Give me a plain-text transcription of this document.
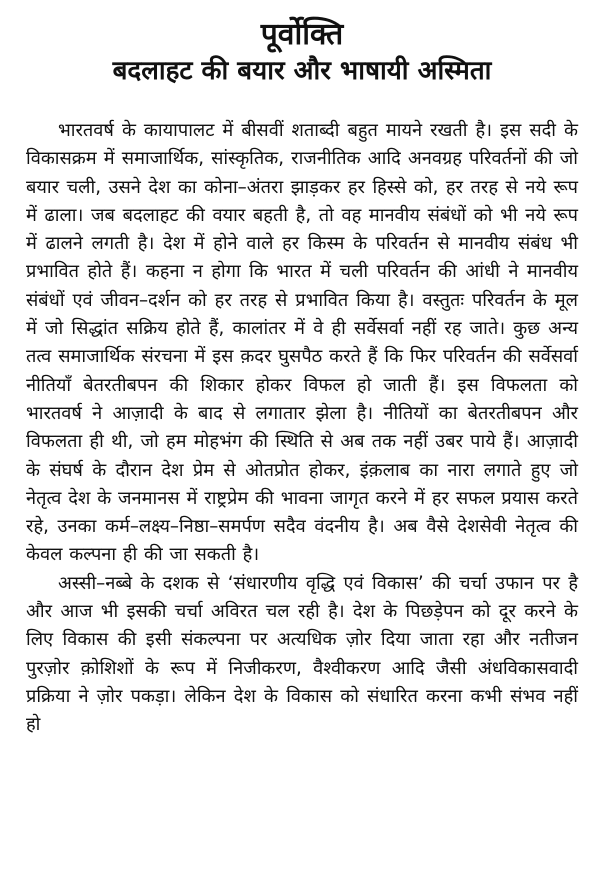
पूर्वोक्ति
बदलाहट की बयार और भाषायी अस्मिता

भारतवर्ष के कायापालट में बीसवीं शताब्दी बहुत मायने रखती है। इस सदी के विकासक्रम में समाजार्थिक, सांस्कृतिक, राजनीतिक आदि अनवग्रह परिवर्तनों की जो बयार चली, उसने देश का कोना–अंतरा झाड़कर हर हिस्से को, हर तरह से नये रूप में ढाला। जब बदलाहट की वयार बहती है, तो वह मानवीय संबंधों को भी नये रूप में ढालने लगती है। देश में होने वाले हर किस्म के परिवर्तन से मानवीय संबंध भी प्रभावित होते हैं। कहना न होगा कि भारत में चली परिवर्तन की आंधी ने मानवीय संबंधों एवं जीवन–दर्शन को हर तरह से प्रभावित किया है। वस्तुतः परिवर्तन के मूल में जो सिद्धांत सक्रिय होते हैं, कालांतर में वे ही सर्वेसर्वा नहीं रह जाते। कुछ अन्य तत्व समाजार्थिक संरचना में इस क़दर घुसपैठ करते हैं कि फिर परिवर्तन की सर्वेसर्वा नीतियाँ बेतरतीबपन की शिकार होकर विफल हो जाती हैं। इस विफलता को भारतवर्ष ने आज़ादी के बाद से लगातार झेला है। नीतियों का बेतरतीबपन और विफलता ही थी, जो हम मोहभंग की स्थिति से अब तक नहीं उबर पाये हैं। आज़ादी के संघर्ष के दौरान देश प्रेम से ओतप्रोत होकर, इंक़लाब का नारा लगाते हुए जो नेतृत्व देश के जनमानस में राष्ट्रप्रेम की भावना जागृत करने में हर सफल प्रयास करते रहे, उनका कर्म–लक्ष्य–निष्ठा–समर्पण सदैव वंदनीय है। अब वैसे देशसेवी नेतृत्व की केवल कल्पना ही की जा सकती है।

अस्सी–नब्बे के दशक से ‘संधारणीय वृद्धि एवं विकास’ की चर्चा उफान पर है और आज भी इसकी चर्चा अविरत चल रही है। देश के पिछड़ेपन को दूर करने के लिए विकास की इसी संकल्पना पर अत्यधिक ज़ोर दिया जाता रहा और नतीजन पुरज़ोर क़ोशिशों के रूप में निजीकरण, वैश्वीकरण आदि जैसी अंधविकासवादी प्रक्रिया ने ज़ोर पकड़ा। लेकिन देश के विकास को संधारित करना कभी संभव नहीं हो
